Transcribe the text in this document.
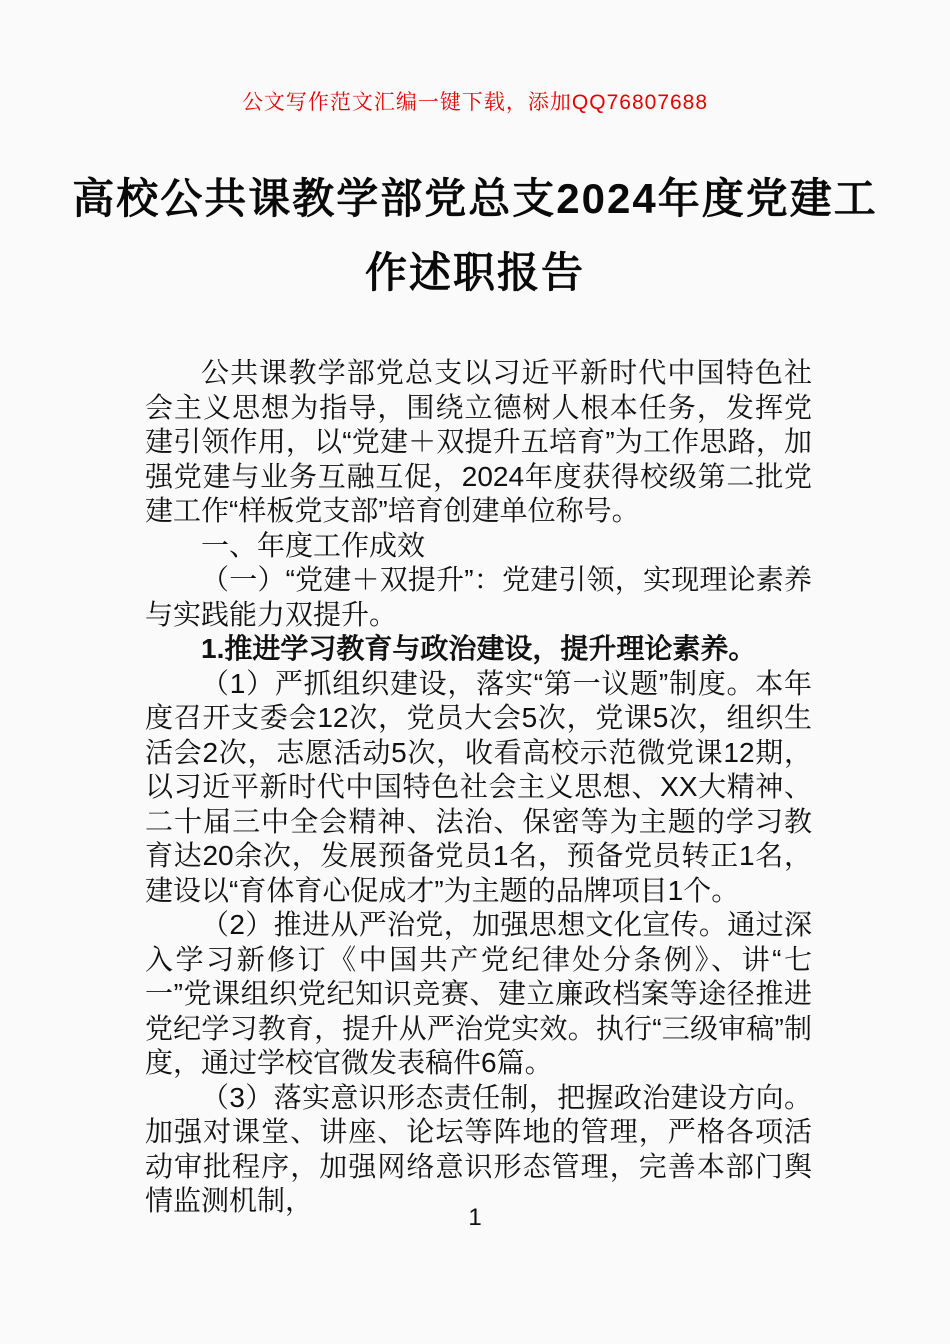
公文写作范文汇编一键下载，添加QQ76807688
高校公共课教学部党总支2024年度党建工
作述职报告

公共课教学部党总支以习近平新时代中国特色社会主义思想为指导，围绕立德树人根本任务，发挥党建引领作用，以“党建＋双提升五培育”为工作思路，加强党建与业务互融互促，2024年度获得校级第二批党建工作“样板党支部”培育创建单位称号。

一、年度工作成效

（一）“党建＋双提升”：党建引领，实现理论素养与实践能力双提升。

1.推进学习教育与政治建设，提升理论素养。

（1）严抓组织建设，落实“第一议题”制度。本年度召开支委会12次，党员大会5次，党课5次，组织生活会2次，志愿活动5次，收看高校示范微党课12期，以习近平新时代中国特色社会主义思想、XX大精神、二十届三中全会精神、法治、保密等为主题的学习教育达20余次，发展预备党员1名，预备党员转正1名，建设以“育体育心促成才”为主题的品牌项目1个。

（2）推进从严治党，加强思想文化宣传。通过深入学习新修订《中国共产党纪律处分条例》、讲“七一”党课组织党纪知识竞赛、建立廉政档案等途径推进党纪学习教育，提升从严治党实效。执行“三级审稿”制度，通过学校官微发表稿件6篇。

（3）落实意识形态责任制，把握政治建设方向。加强对课堂、讲座、论坛等阵地的管理，严格各项活动审批程序，加强网络意识形态管理，完善本部门舆情监测机制，

1
